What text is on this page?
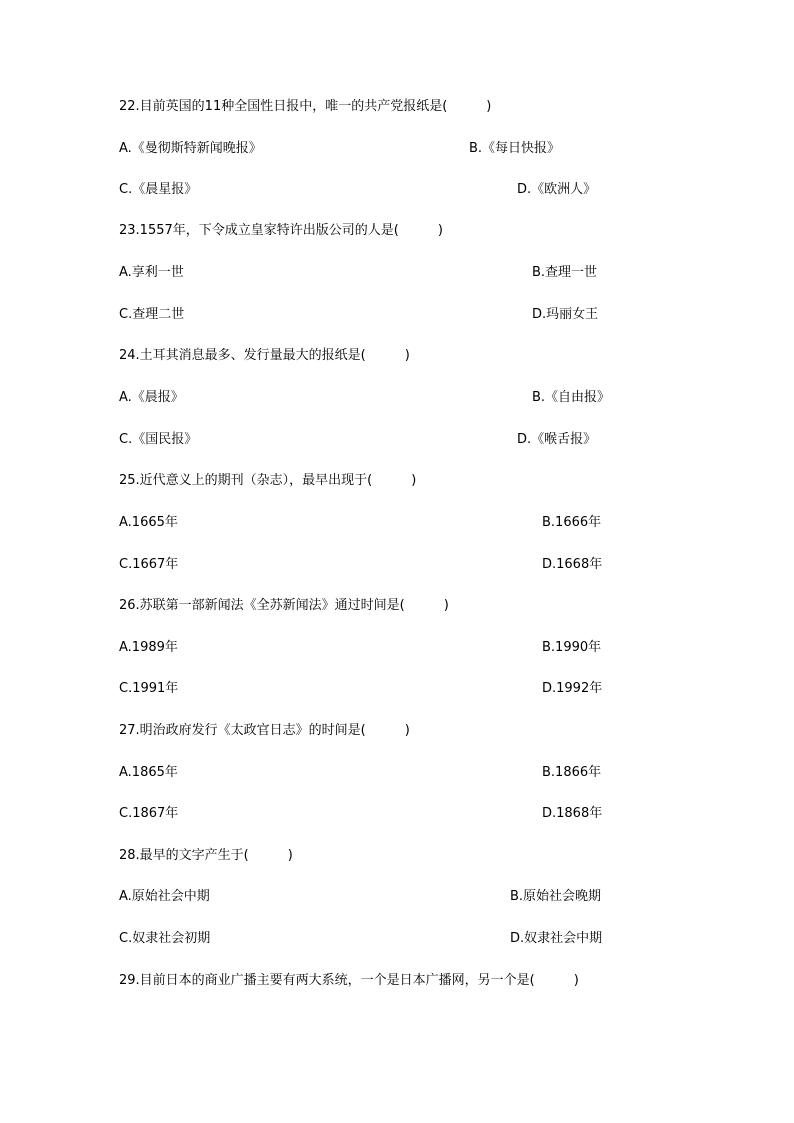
22.目前英国的11种全国性日报中，唯一的共产党报纸是(　　　)
A.《曼彻斯特新闻晚报》	B.《每日快报》
C.《晨星报》	D.《欧洲人》
23.1557年，下令成立皇家特许出版公司的人是(　　　)
A.享利一世	B.查理一世
C.查理二世	D.玛丽女王
24.土耳其消息最多、发行量最大的报纸是(　　　)
A.《晨报》	B.《自由报》
C.《国民报》	D.《喉舌报》
25.近代意义上的期刊（杂志），最早出现于(　　　)
A.1665年	B.1666年
C.1667年	D.1668年
26.苏联第一部新闻法《全苏新闻法》通过时间是(　　　)
A.1989年	B.1990年
C.1991年	D.1992年
27.明治政府发行《太政官日志》的时间是(　　　)
A.1865年	B.1866年
C.1867年	D.1868年
28.最早的文字产生于(　　　)
A.原始社会中期	B.原始社会晚期
C.奴隶社会初期	D.奴隶社会中期
29.目前日本的商业广播主要有两大系统，一个是日本广播网，另一个是(　　　)
